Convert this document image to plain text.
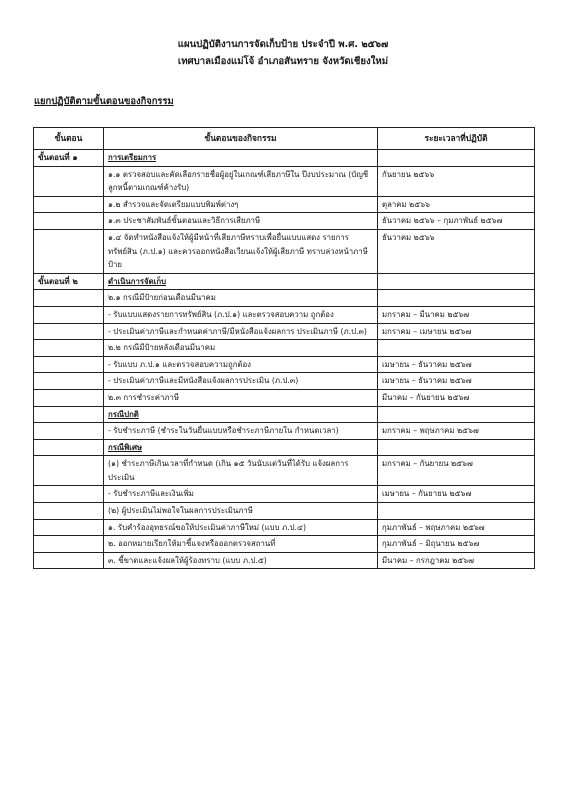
แผนปฏิบัติงานการจัดเก็บป้าย ประจำปี พ.ศ. ๒๕๖๗
เทศบาลเมืองแม่โจ้ อำเภอสันทราย จังหวัดเชียงใหม่
แยกปฏิบัติตามขั้นตอนของกิจกรรม
ขั้นตอน	ขั้นตอนของกิจกรรม	ระยะเวลาที่ปฏิบัติ
ขั้นตอนที่ ๑	การเตรียมการ	
	๑.๑ ตรวจสอบและคัดเลือกรายชื่อผู้อยู่ในเกณฑ์เสียภาษีใน ปีงบประมาณ (บัญชีลูกหนี้ตามเกณฑ์ค้างรับ)	กันยายน ๒๕๖๖
	๑.๒ สำรวจและจัดเตรียมแบบพิมพ์ต่างๆ	ตุลาคม ๒๕๖๖
	๑.๓ ประชาสัมพันธ์ขั้นตอนและวิธีการเสียภาษี	ธันวาคม ๒๕๖๖ – กุมภาพันธ์ ๒๕๖๗
	๑.๔ จัดทำหนังสือแจ้งให้ผู้มีหน้าที่เสียภาษีทราบเพื่อยื่นแบบแสดง รายการทรัพย์สิน (ภ.ป.๑) และควรออกหนังสือเวียนแจ้งให้ผู้เสียภาษี ทราบล่วงหน้าภาษีป้าย	ธันวาคม ๒๕๖๖
ขั้นตอนที่ ๒	ดำเนินการจัดเก็บ	
	๒.๑ กรณีมีป้ายก่อนเดือนมีนาคม	
	- รับแบบแสดงรายการทรัพย์สิน (ภ.ป.๑) และตรวจสอบความ ถูกต้อง	มกราคม – มีนาคม ๒๕๖๗
	- ประเมินค่าภาษีและกำหนดค่าภาษี/มีหนังสือแจ้งผลการ ประเมินภาษี (ภ.ป.๓)	มกราคม – เมษายน ๒๕๖๗
	๒.๒ กรณีมีป้ายหลังเดือนมีนาคม	
	- รับแบบ ภ.ป.๑ และตรวจสอบความถูกต้อง	เมษายน – ธันวาคม ๒๕๖๗
	- ประเมินค่าภาษีและมีหนังสือแจ้งผลการประเมิน (ภ.ป.๓)	เมษายน – ธันวาคม ๒๕๖๗
	๒.๓ การชำระค่าภาษี	มีนาคม – กันยายน ๒๕๖๗
	กรณีปกติ	
	- รับชำระภาษี (ชำระในวันยื่นแบบหรือชำระภาษีภายใน กำหนดเวลา)	มกราคม – พฤษภาคม ๒๕๖๗
	กรณีพิเศษ	
	(๑) ชำระภาษีเกินเวลาที่กำหนด (เกิน ๑๕ วันนับแต่วันที่ได้รับ แจ้งผลการประเมิน	มกราคม – กันยายน ๒๕๖๗
	- รับชำระภาษีและเงินเพิ่ม	เมษายน – กันยายน ๒๕๖๗
	(๒) ผู้ประเมินไม่พอใจในผลการประเมินภาษี	
	๑. รับคำร้องอุทธรณ์ขอให้ประเมินค่าภาษีใหม่ (แบบ ภ.ป.๔)	กุมภาพันธ์ – พฤษภาคม ๒๕๖๗
	๒. ออกหมายเรียกให้มาชี้แจงหรือออกตรวจสถานที่	กุมภาพันธ์ – มิถุนายน ๒๕๖๗
	๓. ชี้ขาดและแจ้งผลให้ผู้ร้องทราบ (แบบ ภ.ป.๕)	มีนาคม – กรกฎาคม ๒๕๖๗
